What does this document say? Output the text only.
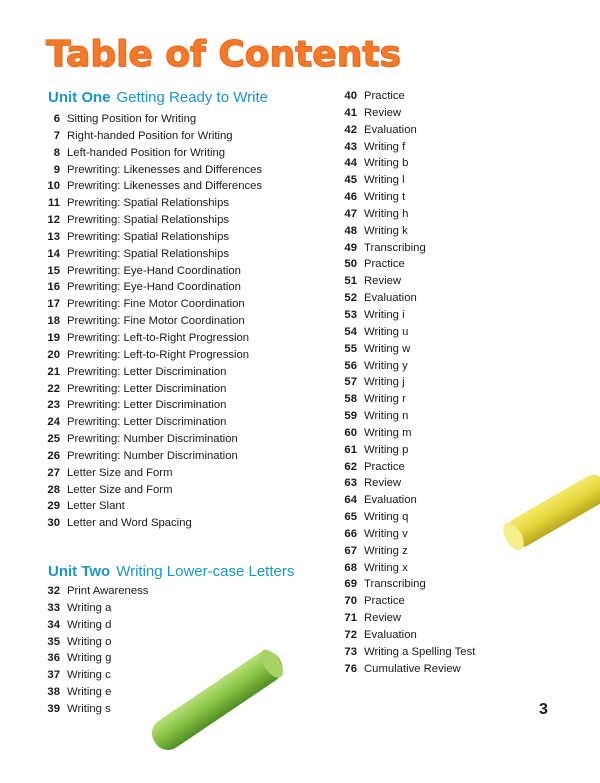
Table of Contents
Unit One Getting Ready to Write
6 Sitting Position for Writing
7 Right-handed Position for Writing
8 Left-handed Position for Writing
9 Prewriting: Likenesses and Differences
10 Prewriting: Likenesses and Differences
11 Prewriting: Spatial Relationships
12 Prewriting: Spatial Relationships
13 Prewriting: Spatial Relationships
14 Prewriting: Spatial Relationships
15 Prewriting: Eye-Hand Coordination
16 Prewriting: Eye-Hand Coordination
17 Prewriting: Fine Motor Coordination
18 Prewriting: Fine Motor Coordination
19 Prewriting: Left-to-Right Progression
20 Prewriting: Left-to-Right Progression
21 Prewriting: Letter Discrimination
22 Prewriting: Letter Discrimination
23 Prewriting: Letter Discrimination
24 Prewriting: Letter Discrimination
25 Prewriting: Number Discrimination
26 Prewriting: Number Discrimination
27 Letter Size and Form
28 Letter Size and Form
29 Letter Slant
30 Letter and Word Spacing
Unit Two Writing Lower-case Letters
32 Print Awareness
33 Writing a
34 Writing d
35 Writing o
36 Writing g
37 Writing c
38 Writing e
39 Writing s
40 Practice
41 Review
42 Evaluation
43 Writing f
44 Writing b
45 Writing l
46 Writing t
47 Writing h
48 Writing k
49 Transcribing
50 Practice
51 Review
52 Evaluation
53 Writing i
54 Writing u
55 Writing w
56 Writing y
57 Writing j
58 Writing r
59 Writing n
60 Writing m
61 Writing p
62 Practice
63 Review
64 Evaluation
65 Writing q
66 Writing v
67 Writing z
68 Writing x
69 Transcribing
70 Practice
71 Review
72 Evaluation
73 Writing a Spelling Test
76 Cumulative Review
3
